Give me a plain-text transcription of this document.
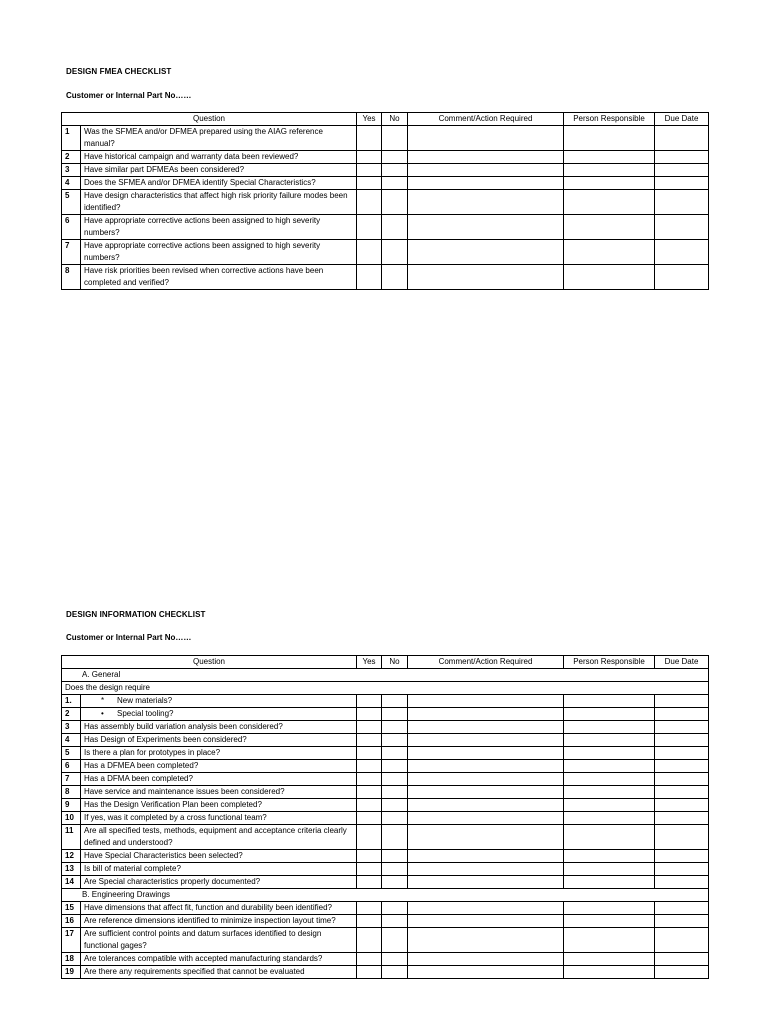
DESIGN FMEA CHECKLIST
Customer or Internal Part No……
Question		Yes	No	Comment/Action Required	Person Responsible	Due Date
1	Was the SFMEA and/or DFMEA prepared using the AIAG reference manual?					
2	Have historical campaign and warranty data been reviewed?					
3	Have similar part DFMEAs been considered?					
4	Does the SFMEA and/or DFMEA identify Special Characteristics?					
5	Have design characteristics that affect high risk priority failure modes been identified?					
6	Have appropriate corrective actions been assigned to high severity numbers?					
7	Have appropriate corrective actions been assigned to high severity numbers?					
8	Have risk priorities been revised when corrective actions have been completed and verified?					
DESIGN INFORMATION CHECKLIST
Customer or Internal Part No……
Question		Yes	No	Comment/Action Required	Person Responsible	Due Date
A. General						
Does the design require						
1.	* New materials?					
2	• Special tooling?					
3	Has assembly build variation analysis been considered?					
4	Has Design of Experiments been considered?					
5	Is there a plan for prototypes in place?					
6	Has a DFMEA been completed?					
7	Has a DFMA been completed?					
8	Have service and maintenance issues been considered?					
9	Has the Design Verification Plan been completed?					
10	If yes, was it completed by a cross functional team?					
11	Are all specified tests, methods, equipment and acceptance criteria clearly defined and understood?					
12	Have Special Characteristics been selected?					
13	Is bill of material complete?					
14	Are Special characteristics properly documented?					
B. Engineering Drawings						
15	Have dimensions that affect fit, function and durability been identified?					
16	Are reference dimensions identified to minimize inspection layout time?					
17	Are sufficient control points and datum surfaces identified to design functional gages?					
18	Are tolerances compatible with accepted manufacturing standards?					
19	Are there any requirements specified that cannot be evaluated					
